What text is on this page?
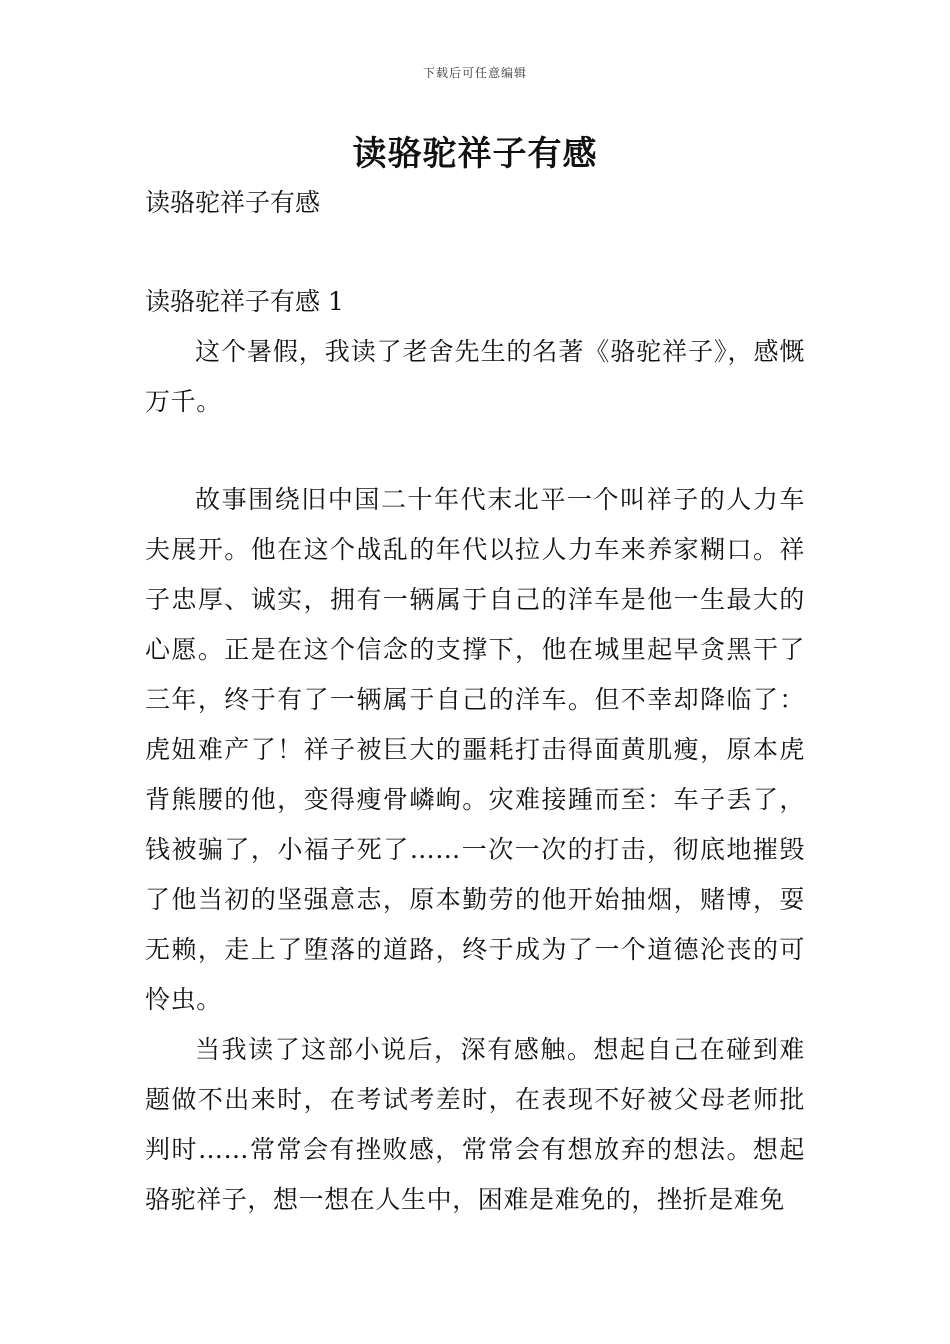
下载后可任意编辑
读骆驼祥子有感

读骆驼祥子有感

读骆驼祥子有感 1

这个暑假，我读了老舍先生的名著《骆驼祥子》，感慨万千。

故事围绕旧中国二十年代末北平一个叫祥子的人力车夫展开。他在这个战乱的年代以拉人力车来养家糊口。祥子忠厚、诚实，拥有一辆属于自己的洋车是他一生最大的心愿。正是在这个信念的支撑下，他在城里起早贪黑干了三年，终于有了一辆属于自己的洋车。但不幸却降临了：虎妞难产了！祥子被巨大的噩耗打击得面黄肌瘦，原本虎背熊腰的他，变得瘦骨嶙峋。灾难接踵而至：车子丢了，钱被骗了，小福子死了……一次一次的打击，彻底地摧毁了他当初的坚强意志，原本勤劳的他开始抽烟，赌博，耍无赖，走上了堕落的道路，终于成为了一个道德沦丧的可怜虫。

当我读了这部小说后，深有感触。想起自己在碰到难题做不出来时，在考试考差时，在表现不好被父母老师批判时……常常会有挫败感，常常会有想放弃的想法。想起骆驼祥子，想一想在人生中，困难是难免的，挫折是难免
